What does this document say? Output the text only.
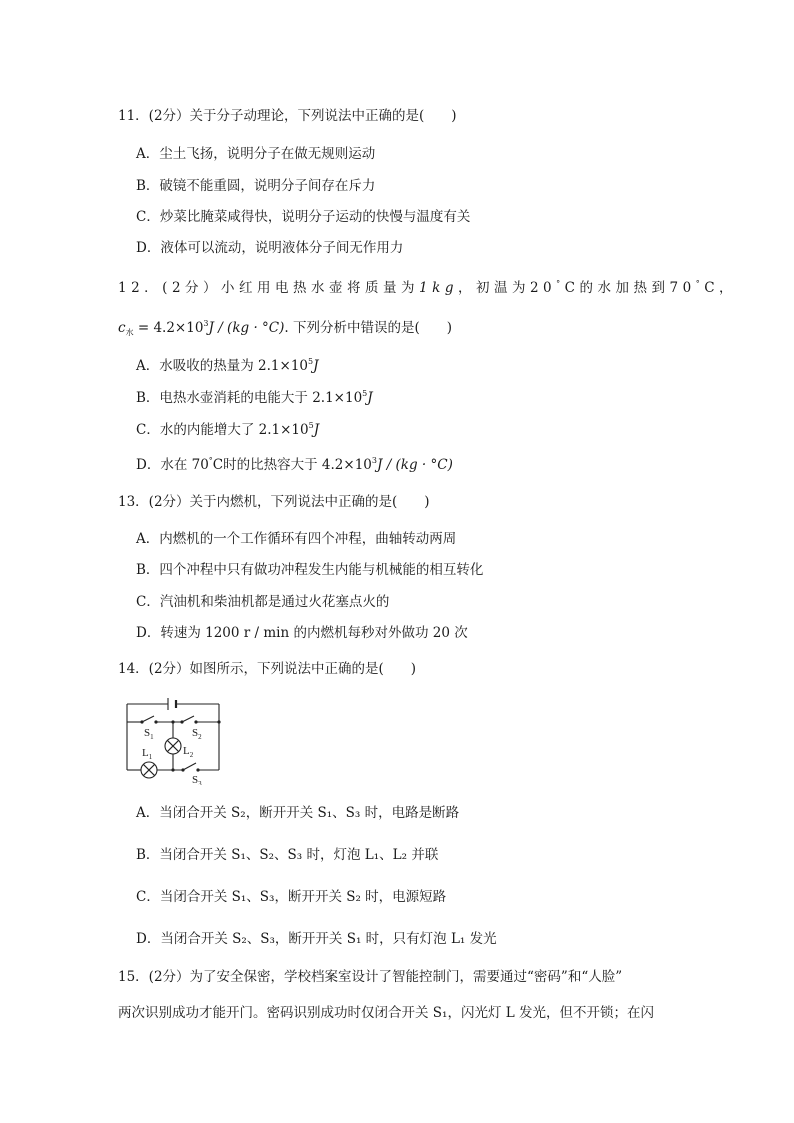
11．(2分）关于分子动理论，下列说法中正确的是(　　)
A．尘土飞扬，说明分子在做无规则运动
B．破镜不能重圆，说明分子间存在斥力
C．炒菜比腌菜咸得快，说明分子运动的快慢与温度有关
D．液体可以流动，说明液体分子间无作用力
12．(2分）小红用电热水壶将质量为1kg，初温为20°C的水加热到70°C，
$c_水 = 4.2\times 10^3J / (kg \cdot ^\circ C)$. 下列分析中错误的是(　　)
A．水吸收的热量为 $2.1\times 10^5J$
B．电热水壶消耗的电能大于 $2.1\times 10^5J$
C．水的内能增大了 $2.1\times 10^5J$
D．水在 70°C时的比热容大于 $4.2\times 10^3J / (kg \cdot ^\circ C)$
13．(2分）关于内燃机，下列说法中正确的是(　　)
A．内燃机的一个工作循环有四个冲程，曲轴转动两周
B．四个冲程中只有做功冲程发生内能与机械能的相互转化
C．汽油机和柴油机都是通过火花塞点火的
D．转速为 1200 r / min 的内燃机每秒对外做功 20 次
14．(2分）如图所示，下列说法中正确的是(　　)
$S_1$	$S_2$
$L_1$	$L_2$
$S_3$
A．当闭合开关 S₂，断开开关 S₁、S₃ 时，电路是断路
B．当闭合开关 S₁、S₂、S₃ 时，灯泡 L₁、L₂ 并联
C．当闭合开关 S₁、S₃，断开开关 S₂ 时，电源短路
D．当闭合开关 S₂、S₃，断开开关 S₁ 时，只有灯泡 L₁ 发光
15．(2分）为了安全保密，学校档案室设计了智能控制门，需要通过“密码”和“人脸”
两次识别成功才能开门。密码识别成功时仅闭合开关 S₁，闪光灯 L 发光，但不开锁；在闪
